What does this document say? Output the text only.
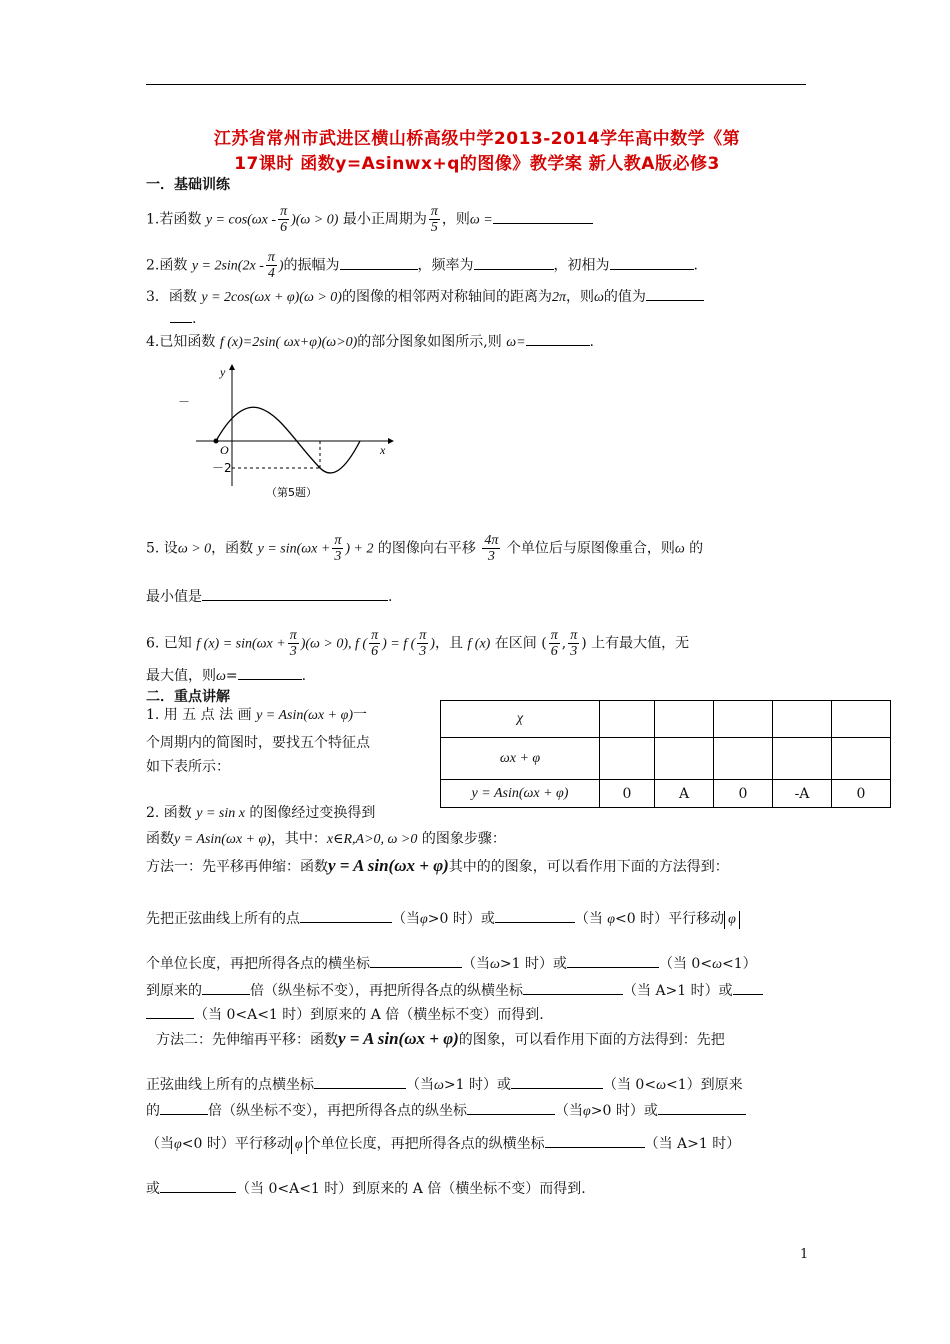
江苏省常州市武进区横山桥高级中学2013-2014学年高中数学《第
17课时 函数y=Asinwx+q的图像》教学案 新人教A版必修3
一．基础训练
1.若函数 $y = \cos(\omega x - \frac{\pi}{6} )(\omega > 0)$ 最小正周期为 $\frac{\pi}{5}$ ，则ω =
2.函数 $y = 2\sin(2x - \frac{\pi}{4}$ )的振幅为	，频率为	，初相为	.
3．函数 y = 2cos(ωx + φ)(ω > 0)的图像的相邻两对称轴间的距离为2π，则ω的值为
.
4.已知函数 f (x)=2sin( ωx+φ)(ω>0)的部分图象如图所示,则 ω=	.
y
x
O
－2
－
（第5题）
5. 设ω > 0，函数 $y = \sin(\omega x + \frac{\pi}{3}$ ) + 2 的图像向右平移 $\frac{4\pi}{3}$ 个单位后与原图像重合，则ω 的
最小值是	.
6. 已知 f $(x) = \sin(\omega x + \frac{\pi}{3} )(\omega > 0)$, f ( $\frac{\pi}{6}$ ) = f ( $\frac{\pi}{3}$ )，且 f (x) 在区间 ( $\frac{\pi}{6}$ , $\frac{\pi}{3}$ ) 上有最大值，无
最大值，则ω=	.
二．重点讲解
1. 用 五 点 法 画 y = Asin(ωx + φ)一
个周期内的简图时，要找五个特征点
如下表所示：
χ					
ωx + φ					
y = Asin(ωx + φ)	0	A	0	-A	0
2. 函数 y = sin x 的图像经过变换得到
函数y = Asin(ωx + φ)，其中：x∈R,A>0, ω >0 的图象步骤：
方法一：先平移再伸缩：函数y = A sin(ωx + φ)其中的的图象，可以看作用下面的方法得到：
先把正弦曲线上所有的点	（当φ>0 时）或	（当 φ<0 时）平行移动 φ
个单位长度，再把所得各点的横坐标	（当ω>1 时）或	（当 0<ω<1）
到原来的	倍（纵坐标不变），再把所得各点的纵横坐标	（当 A>1 时）或
（当 0<A<1 时）到原来的 A 倍（横坐标不变）而得到.
方法二：先伸缩再平移：函数y = A sin(ωx + φ)的图象，可以看作用下面的方法得到：先把
正弦曲线上所有的点横坐标	（当ω>1 时）或	（当 0<ω<1）到原来
的	倍（纵坐标不变），再把所得各点的纵坐标	（当φ>0 时）或
（当φ<0 时）平行移动 φ 个单位长度，再把所得各点的纵横坐标	（当 A>1 时）
或	（当 0<A<1 时）到原来的 A 倍（横坐标不变）而得到.
1
